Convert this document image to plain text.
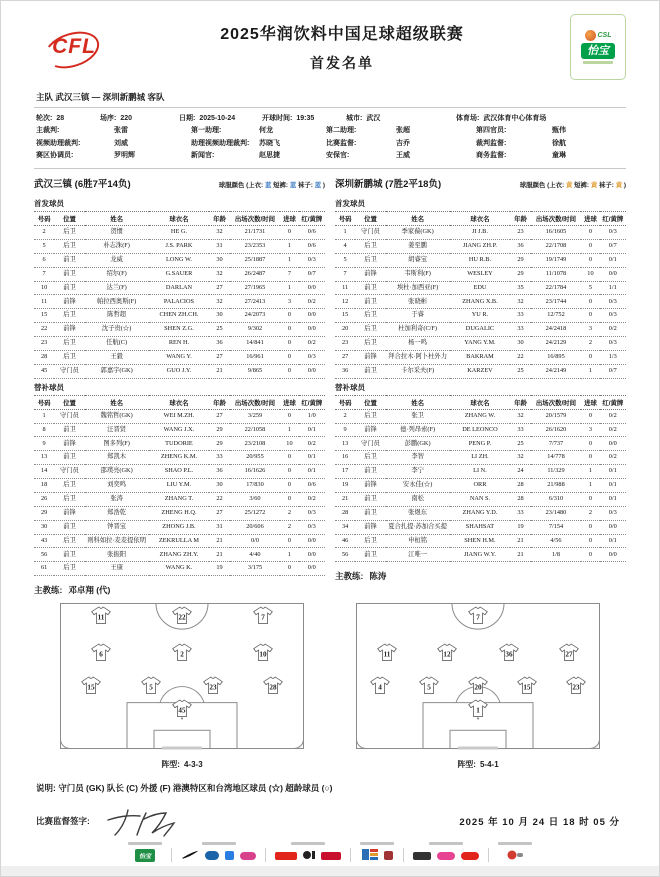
CFL
2025华润饮料中国足球超级联赛
首发名单
CSL
怡宝
主队 武汉三镇 — 深圳新鹏城 客队
轮次: 28	场序: 220	日期: 2025-10-24	开球时间: 19:35	城市: 武汉	体育场: 武汉体育中心体育场
主裁判:	张雷	第一助理:	何龙	第二助理:	张超	第四官员:	甄伟
视频助理裁判:	刘威	助理视频助理裁判:	苏晓飞	比赛监督:	吉乔	裁判监督:	徐航
赛区协调员:	罗明辉	新闻官:	赵思捷	安保官:	王威	商务监督:	童琳
武汉三镇 (6胜7平14负)	球服颜色 (上衣: 蓝 短裤: 蓝 袜子: 蓝 )
首发球员
号码	位置	姓名	球衣名	年龄	出场次数/时间	进球	红/黄牌
2	后卫	贺惯	HE G.	32	21/1731	0	0/6
5	后卫	朴志洙(F)	J.S. PARK	31	23/2353	1	0/6
6	前卫	龙威	LONG W.	30	25/1887	1	0/3
7	前卫	绍尔(F)	G.SAUER	32	26/2487	7	0/7
10	前卫	达兰(F)	DARLAN	27	27/1965	1	0/0
11	前锋	帕拉西奥斯(F)	PALACIOS	32	27/2413	3	0/2
15	后卫	陈哲超	CHEN ZH.CH.	30	24/2073	0	0/0
22	前锋	沈子贵(☆)	SHEN Z.G.	25	9/302	0	0/0
23	后卫	任航(C)	REN H.	36	14/841	0	0/2
28	后卫	王毅	WANG Y.	27	16/961	0	0/3
45	守门员	郭嘉宇(GK)	GUO J.Y.	21	9/865	0	0/0
替补球员
号码	位置	姓名	球衣名	年龄	出场次数/时间	进球	红/黄牌
1	守门员	魏铭哲(GK)	WEI M.ZH.	27	3/259	0	1/0
8	前卫	汪晋贤	WANG J.X.	29	22/1058	1	0/1
9	前锋	图多列(F)	TUDORIE	29	23/2108	10	0/2
13	前卫	郑凯木	ZHENG K.M.	33	20/955	0	0/1
14	守门员	邵璞亮(GK)	SHAO P.L.	36	16/1626	0	0/1
18	后卫	刘奕鸣	LIU Y.M.	30	17/830	0	0/6
26	后卫	张涛	ZHANG T.	22	3/60	0	0/2
29	前锋	郑浩乾	ZHENG H.Q.	27	25/1272	2	0/3
30	前卫	钟晋宝	ZHONG J.B.	31	20/606	2	0/3
43	后卫	则科如拉·麦麦提依明	ZEKRULLA M	21	0/0	0	0/0
56	前卫	张振阳	ZHANG ZH.Y.	21	4/40	1	0/0
61	后卫	王康	WANG K.	19	3/175	0	0/0
主教练: 邓卓翔 (代)
深圳新鹏城 (7胜2平18负)	球服颜色 (上衣: 黄 短裤: 黄 袜子: 黄 )
首发球员
号码	位置	姓名	球衣名	年龄	出场次数/时间	进球	红/黄牌
1	守门员	季家葆(GK)	JI J.B.	23	16/1605	0	0/3
4	后卫	姜至鹏	JIANG ZH.P.	36	22/1708	0	0/7
5	后卫	胡睿宝	HU R.B.	29	19/1749	0	0/1
7	前锋	韦斯利(F)	WESLEY	29	11/1078	10	0/0
11	前卫	埃杜·加西亚(F)	EDU	35	22/1784	5	1/1
12	前卫	张晓彬	ZHANG X.B.	32	23/1744	0	0/3
15	后卫	于睿	YU R.	33	12/752	0	0/3
20	后卫	杜加利奇(C/F)	DUGALIC	33	24/2418	3	0/2
23	后卫	杨一鸣	YANG Y.M.	30	24/2129	2	0/3
27	前锋	拜合拉木·阿卜杜外力	BAKRAM	22	16/895	0	1/3
36	前卫	卡尔采夫(F)	KARZEV	25	24/2149	1	0/7
替补球员
号码	位置	姓名	球衣名	年龄	出场次数/时间	进球	红/黄牌
2	后卫	张卫	ZHANG W.	32	20/1579	0	0/2
9	前锋	德·列昂索(F)	DE LEONCO	33	26/1620	3	0/2
13	守门员	彭鹏(GK)	PENG P.	25	7/737	0	0/0
16	后卫	李智	LI ZH.	32	14/778	0	0/2
17	前卫	李宁	LI N.	24	11/329	1	0/1
19	前锋	安永佳(☆)	ORR	28	21/988	1	0/1
21	前卫	南松	NAN S.	28	6/310	0	0/1
28	前卫	张煜东	ZHANG Y.D.	33	23/1480	2	0/3
34	前锋	夏合扎提·苏加合买提	SHAHSAT	19	7/154	0	0/0
46	后卫	申桓铭	SHEN H.M.	21	4/56	0	0/1
56	前卫	江唯一	JIANG W.Y.	21	1/8	0	0/0
主教练: 陈涛
11	22	7
6	2	10
15	5	23	28
45
阵型: 4-3-3
7
11	12	36	27
4	5	20	15	23
1
阵型: 5-4-1
说明: 守门员 (GK) 队长 (C) 外援 (F) 港澳特区和台湾地区球员 (☆) 超龄球员 (○)
比赛监督签字:	2025 年 10 月 24 日 18 时 05 分
怡宝
